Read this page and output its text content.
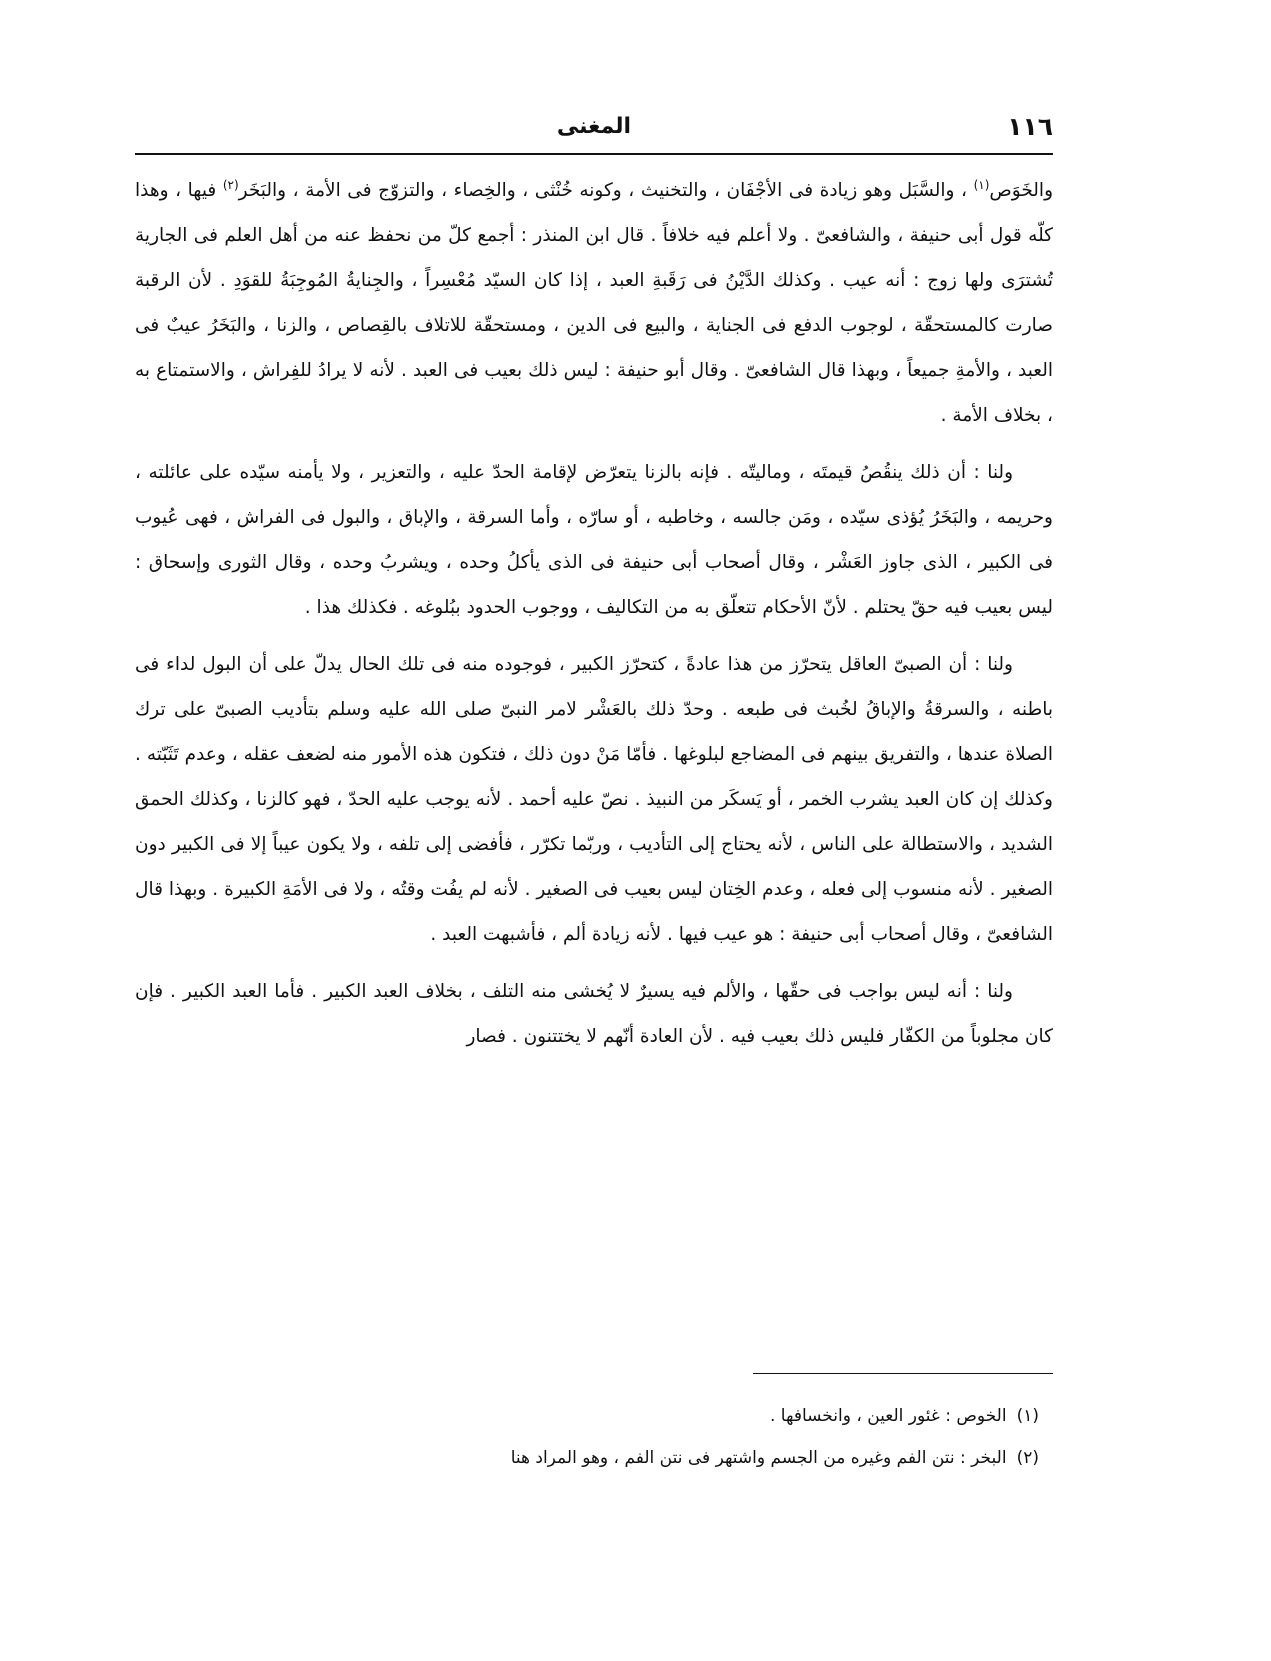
١١٦
المغنى

والخَوَص$^{(١)}$ ، والسَّبَل وهو زيادة فى الأجْفَان ، والتخنيث ، وكونه خُنْثى ، والخِصاء ، والتزوّج فى الأمة ، والبَخَر$^{(٢)}$ فيها ، وهذا كلّه قول أبى حنيفة ، والشافعىّ . ولا أعلم فيه خلافاً . قال ابن المنذر : أجمع كلّ من نحفظ عنه من أهل العلم فى الجارية تُشترَى ولها زوج : أنه عيب . وكذلك الدَّيْنُ فى رَقَبةِ العبد ، إذا كان السيّد مُعْسِراً ، والجِنايةُ المُوجِبَةُ للقوَدِ . لأن الرقبة صارت كالمستحقّة ، لوجوب الدفع فى الجناية ، والبيع فى الدين ، ومستحقّة للاتلاف بالقِصاص ، والزنا ، والبَخَرُ عيبٌ فى العبد ، والأمةِ جميعاً ، وبهذا قال الشافعىّ . وقال أبو حنيفة : ليس ذلك بعيب فى العبد . لأنه لا يرادُ للفِراش ، والاستمتاع به ، بخلاف الأمة .

ولنا : أن ذلك ينقُصُ قيمتَه ، وماليتّه . فإنه بالزنا يتعرّض لإقامة الحدّ عليه ، والتعزير ، ولا يأمنه سيّده على عائلته ، وحريمه ، والبَخَرُ يُؤذى سيّده ، ومَن جالسه ، وخاطبه ، أو سارّه ، وأما السرقة ، والإباق ، والبول فى الفراش ، فهى عُيوب فى الكبير ، الذى جاوز العَشْر ، وقال أصحاب أبى حنيفة فى الذى يأكلُ وحده ، ويشربُ وحده ، وقال الثورى وإسحاق : ليس بعيب فيه حقّ يحتلم . لأنّ الأحكام تتعلّق به من التكاليف ، ووجوب الحدود ببُلوغه . فكذلك هذا .

ولنا : أن الصبىّ العاقل يتحرّز من هذا عادةً ، كتحرّز الكبير ، فوجوده منه فى تلك الحال يدلّ على أن البول لداء فى باطنه ، والسرقةُ والإباقُ لخُبث فى طبعه . وحدّ ذلك بالعَشْر لامر النبىّ صلى الله عليه وسلم بتأديب الصبىّ على ترك الصلاة عندها ، والتفريق بينهم فى المضاجع لبلوغها . فأمّا مَنْ دون ذلك ، فتكون هذه الأمور منه لضعف عقله ، وعدم تَثَبّته . وكذلك إن كان العبد يشرب الخمر ، أو يَسكَر من النبيذ . نصّ عليه أحمد . لأنه يوجب عليه الحدّ ، فهو كالزنا ، وكذلك الحمق الشديد ، والاستطالة على الناس ، لأنه يحتاج إلى التأديب ، وربّما تكرّر ، فأفضى إلى تلفه ، ولا يكون عيباً إلا فى الكبير دون الصغير . لأنه منسوب إلى فعله ، وعدم الخِتان ليس بعيب فى الصغير . لأنه لم يفُت وقتُه ، ولا فى الأمَةِ الكبيرة . وبهذا قال الشافعىّ ، وقال أصحاب أبى حنيفة : هو عيب فيها . لأنه زيادة ألم ، فأشبهت العبد .

ولنا : أنه ليس بواجب فى حقّها ، والألم فيه يسيرٌ لا يُخشى منه التلف ، بخلاف العبد الكبير . فأما العبد الكبير . فإن كان مجلوباً من الكفّار فليس ذلك بعيب فيه . لأن العادة أنّهم لا يختتنون . فصار

(١)الخوص : غئور العين ، وانخسافها .
(٢)البخر : نتن الفم وغيره من الجسم واشتهر فى نتن الفم ، وهو المراد هنا
